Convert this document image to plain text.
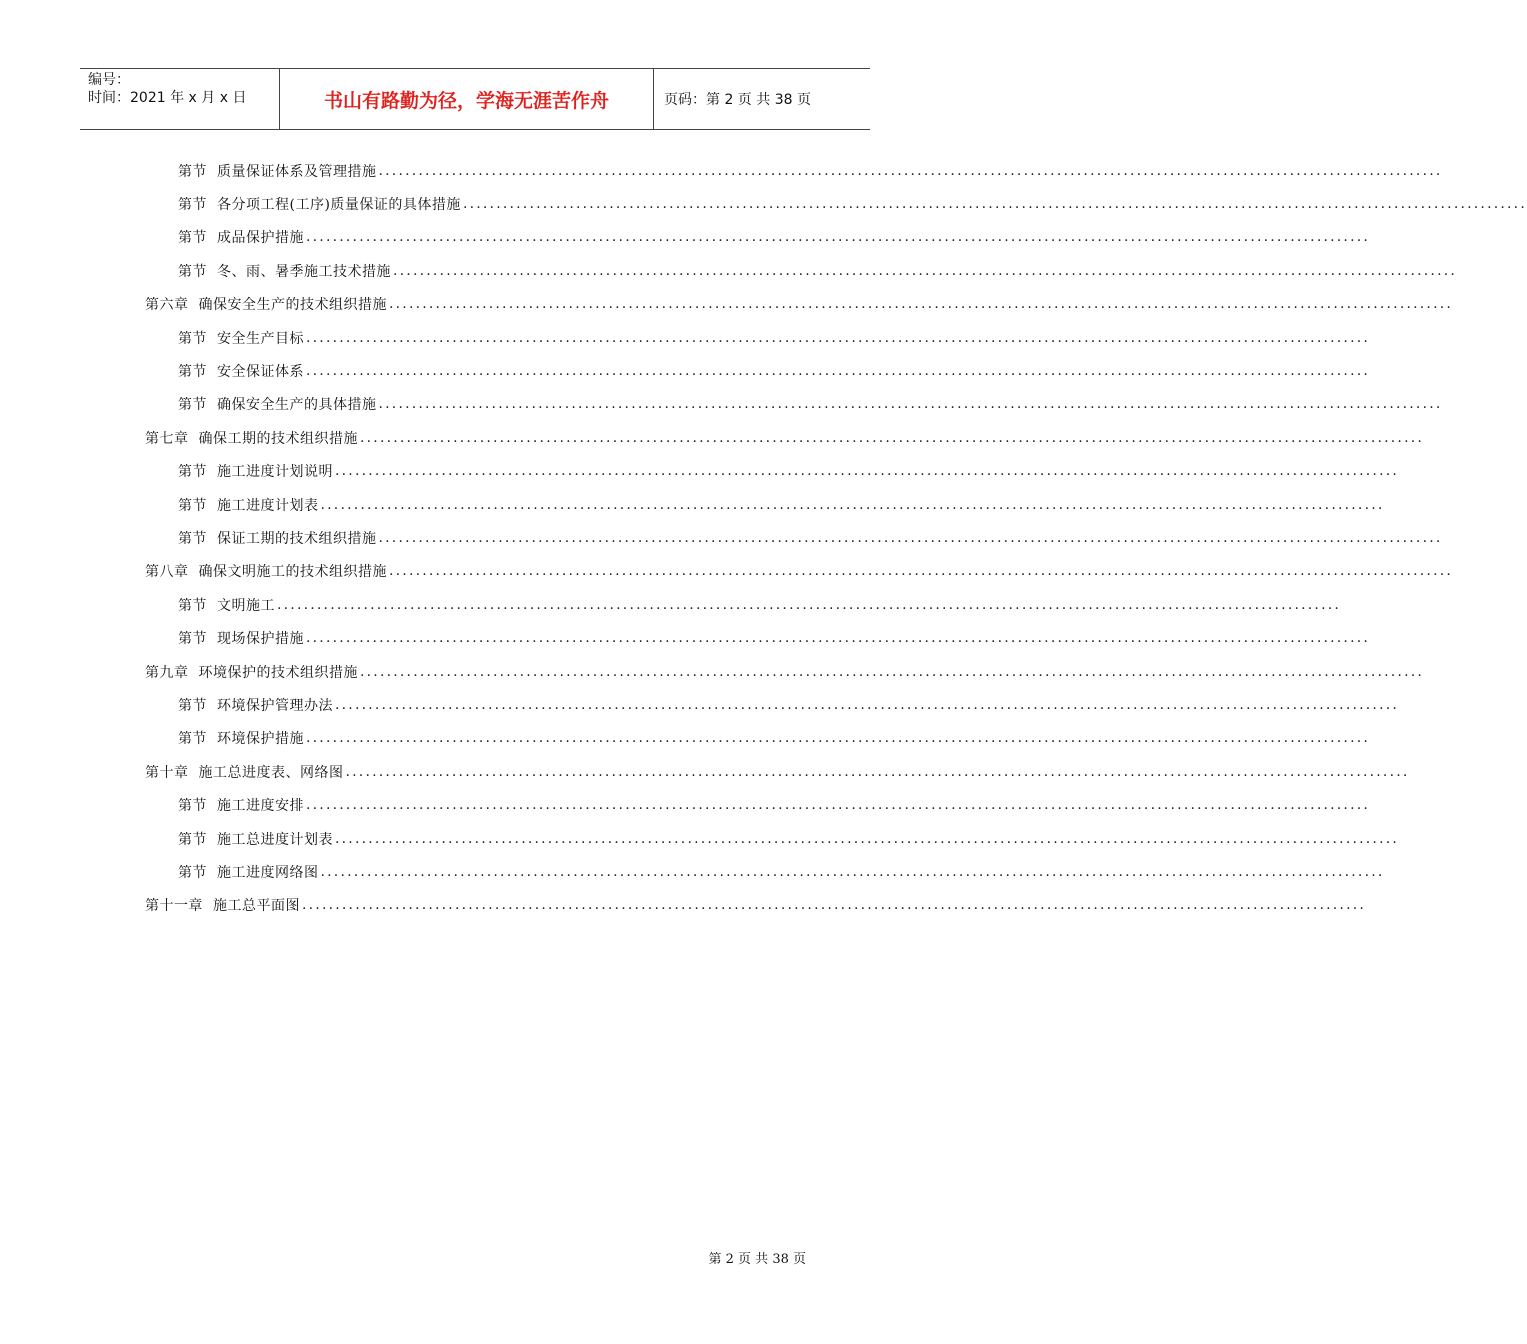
编号：
时间：2021 年 x 月 x 日	书山有路勤为径，学海无涯苦作舟	页码：第 2 页 共 38 页
第节 质量保证体系及管理措施 ................................................................................................................................................................
第节 各分项工程(工序)质量保证的具体措施 ................................................................................................................................................................
第节 成品保护措施 ................................................................................................................................................................
第节 冬、雨、暑季施工技术措施 ................................................................................................................................................................
第六章 确保安全生产的技术组织措施 ................................................................................................................................................................
第节 安全生产目标 ................................................................................................................................................................
第节 安全保证体系 ................................................................................................................................................................
第节 确保安全生产的具体措施 ................................................................................................................................................................
第七章 确保工期的技术组织措施 ................................................................................................................................................................
第节 施工进度计划说明 ................................................................................................................................................................
第节 施工进度计划表 ................................................................................................................................................................
第节 保证工期的技术组织措施 ................................................................................................................................................................
第八章 确保文明施工的技术组织措施 ................................................................................................................................................................
第节 文明施工 ................................................................................................................................................................
第节 现场保护措施 ................................................................................................................................................................
第九章 环境保护的技术组织措施 ................................................................................................................................................................
第节 环境保护管理办法 ................................................................................................................................................................
第节 环境保护措施 ................................................................................................................................................................
第十章 施工总进度表、网络图 ................................................................................................................................................................
第节 施工进度安排 ................................................................................................................................................................
第节 施工总进度计划表 ................................................................................................................................................................
第节 施工进度网络图 ................................................................................................................................................................
第十一章 施工总平面图 ................................................................................................................................................................
第 2 页 共 38 页
